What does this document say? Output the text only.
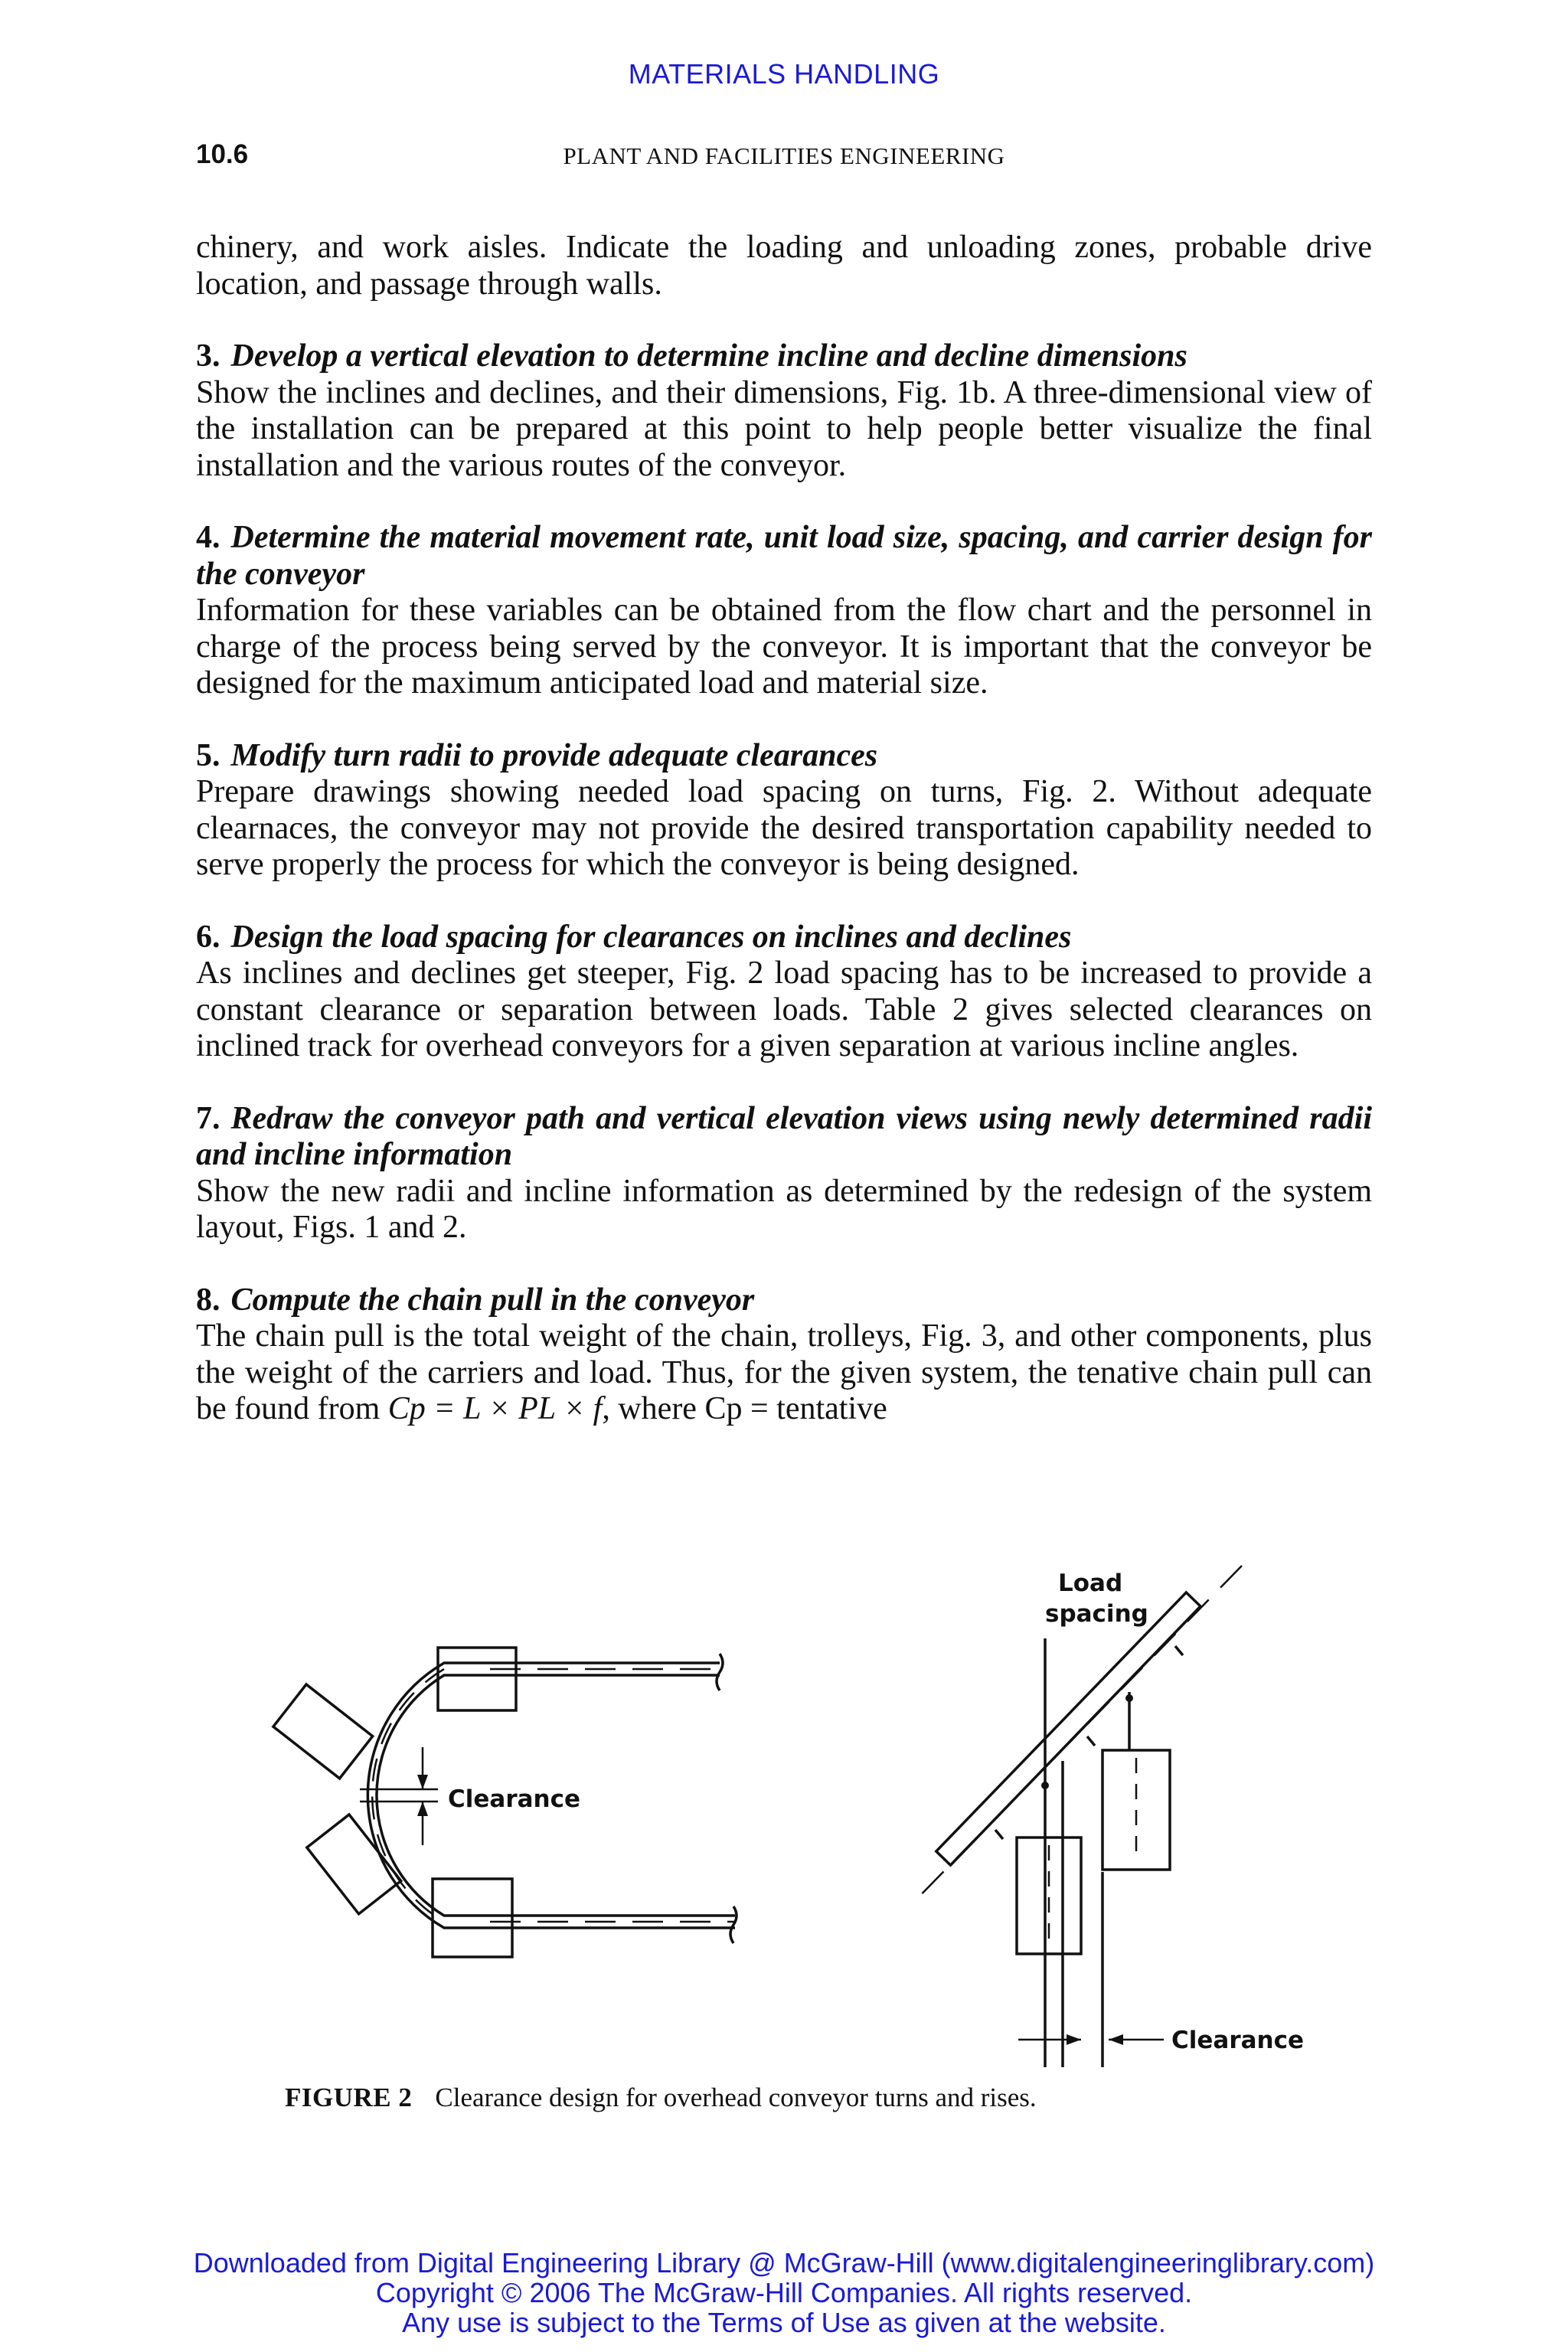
MATERIALS HANDLING
10.6	PLANT AND FACILITIES ENGINEERING

chinery, and work aisles. Indicate the loading and unloading zones, probable drive location, and passage through walls.

3. Develop a vertical elevation to determine incline and decline dimensions
Show the inclines and declines, and their dimensions, Fig. 1b. A three-dimensional view of the installation can be prepared at this point to help people better visualize the final installation and the various routes of the conveyor.

4. Determine the material movement rate, unit load size, spacing, and carrier design for the conveyor
Information for these variables can be obtained from the flow chart and the personnel in charge of the process being served by the conveyor. It is important that the conveyor be designed for the maximum anticipated load and material size.

5. Modify turn radii to provide adequate clearances
Prepare drawings showing needed load spacing on turns, Fig. 2. Without adequate clearnaces, the conveyor may not provide the desired transportation capability needed to serve properly the process for which the conveyor is being designed.

6. Design the load spacing for clearances on inclines and declines
As inclines and declines get steeper, Fig. 2 load spacing has to be increased to provide a constant clearance or separation between loads. Table 2 gives selected clearances on inclined track for overhead conveyors for a given separation at various incline angles.

7. Redraw the conveyor path and vertical elevation views using newly determined radii and incline information
Show the new radii and incline information as determined by the redesign of the system layout, Figs. 1 and 2.

8. Compute the chain pull in the conveyor
The chain pull is the total weight of the chain, trolleys, Fig. 3, and other components, plus the weight of the carriers and load. Thus, for the given system, the tenative chain pull can be found from Cp = L × PL × f, where Cp = tentative

Clearance
Load
spacing
Clearance
FIGURE 2 Clearance design for overhead conveyor turns and rises.
Downloaded from Digital Engineering Library @ McGraw-Hill (www.digitalengineeringlibrary.com)
Copyright © 2006 The McGraw-Hill Companies. All rights reserved.
Any use is subject to the Terms of Use as given at the website.
